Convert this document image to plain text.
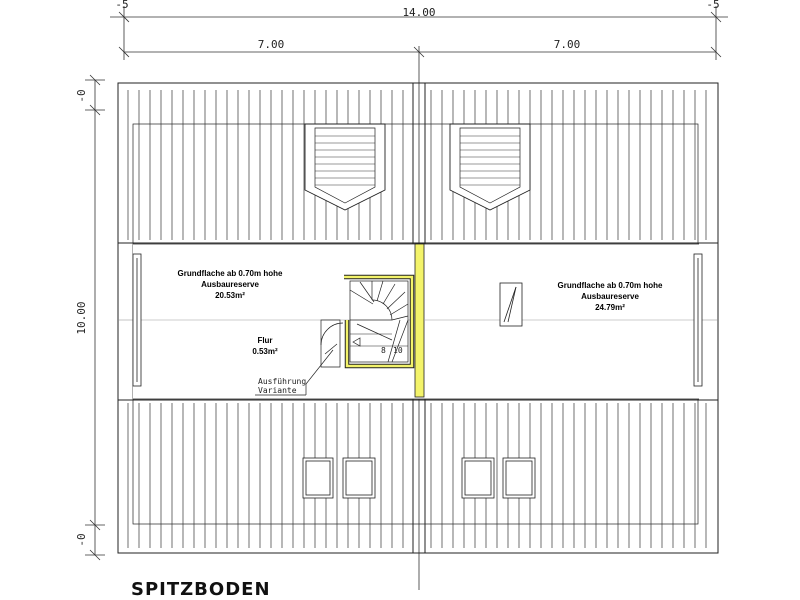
14.00
7.00	7.00
10.00
-0
-0
-5	-5
8 10
Grundflache ab 0.70m hohe
Ausbaureserve
20.53m²
Grundflache ab 0.70m hohe
Ausbaureserve
24.79m²
Flur
0.53m²
Ausführung
Variante
SPITZBODEN
